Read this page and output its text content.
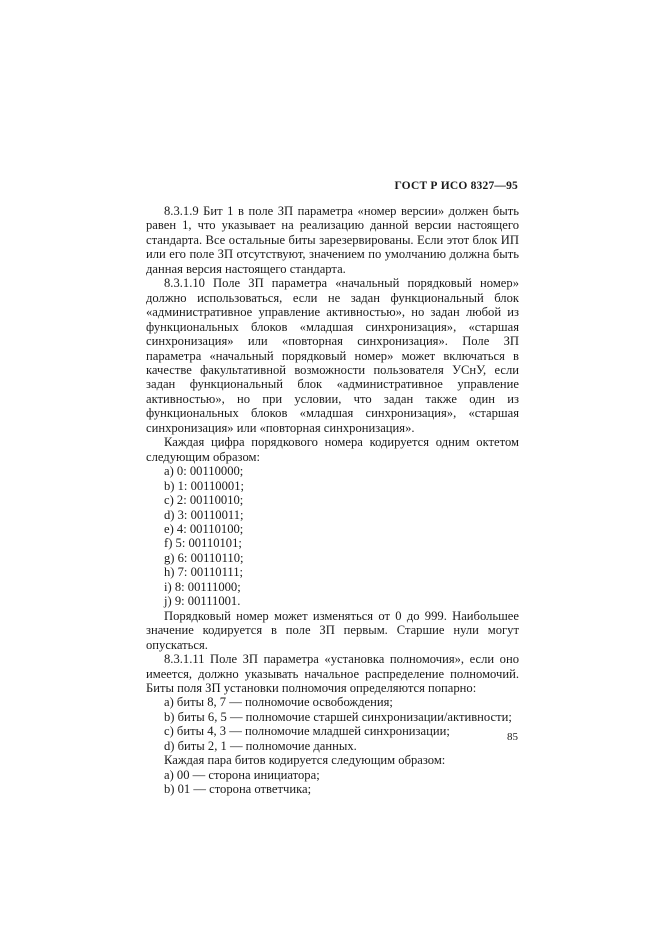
ГОСТ Р ИСО 8327—95

8.3.1.9 Бит 1 в поле ЗП параметра «номер версии» должен быть равен 1, что указывает на реализацию данной версии настоящего стандарта. Все остальные биты зарезервированы. Если этот блок ИП или его поле ЗП отсутствуют, значением по умолчанию должна быть данная версия настоящего стандарта.

8.3.1.10 Поле ЗП параметра «начальный порядковый номер» должно использоваться, если не задан функциональный блок «административное управление активностью», но задан любой из функциональных блоков «младшая синхронизация», «старшая синхронизация» или «повторная синхронизация». Поле ЗП параметра «начальный порядковый номер» может включаться в качестве факультативной возможности пользователя УСнУ, если задан функциональный блок «административное управление активностью», но при условии, что задан также один из функциональных блоков «младшая синхронизация», «старшая синхронизация» или «повторная синхронизация».

Каждая цифра порядкового номера кодируется одним октетом следующим образом:

а) 0: 00110000;
b) 1: 00110001;
c) 2: 00110010;
d) 3: 00110011;
e) 4: 00110100;
f) 5: 00110101;
g) 6: 00110110;
h) 7: 00110111;
i) 8: 00111000;
j) 9: 00111001.

Порядковый номер может изменяться от 0 до 999. Наибольшее значение кодируется в поле ЗП первым. Старшие нули могут опускаться.

8.3.1.11 Поле ЗП параметра «установка полномочия», если оно имеется, должно указывать начальное распределение полномочий. Биты поля ЗП установки полномочия определяются попарно:

а) биты 8, 7 — полномочие освобождения;
b) биты 6, 5 — полномочие старшей синхронизации/активности;
c) биты 4, 3 — полномочие младшей синхронизации;
d) биты 2, 1 — полномочие данных.

Каждая пара битов кодируется следующим образом:

а) 00 — сторона инициатора;
b) 01 — сторона ответчика;
85
